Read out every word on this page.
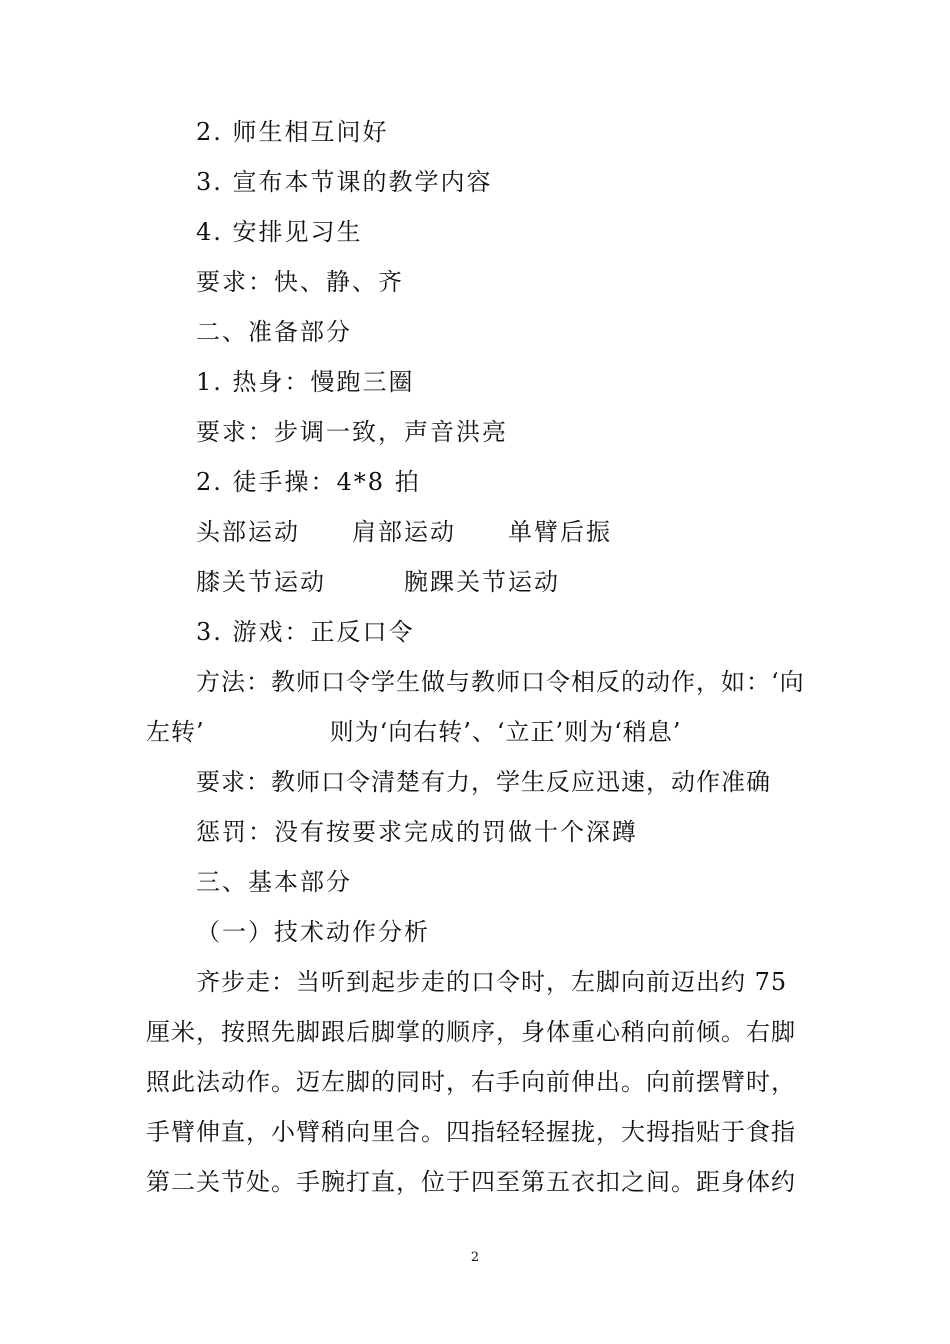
2. 师生相互问好
3. 宣布本节课的教学内容
4. 安排见习生
要求：快、静、齐
二、准备部分
1. 热身：慢跑三圈
要求：步调一致，声音洪亮
2. 徒手操：4*8 拍
头部运动　　肩部运动　　单臂后振
膝关节运动　　　腕踝关节运动
3. 游戏：正反口令
方法：教师口令学生做与教师口令相反的动作，如：‘向
左转’　　　　　则为‘向右转’、‘立正’则为‘稍息’
要求：教师口令清楚有力，学生反应迅速，动作准确
惩罚：没有按要求完成的罚做十个深蹲
三、基本部分
（一）技术动作分析
齐步走：当听到起步走的口令时，左脚向前迈出约 75
厘米，按照先脚跟后脚掌的顺序，身体重心稍向前倾。右脚
照此法动作。迈左脚的同时，右手向前伸出。向前摆臂时，
手臂伸直，小臂稍向里合。四指轻轻握拢，大拇指贴于食指
第二关节处。手腕打直，位于四至第五衣扣之间。距身体约
2
